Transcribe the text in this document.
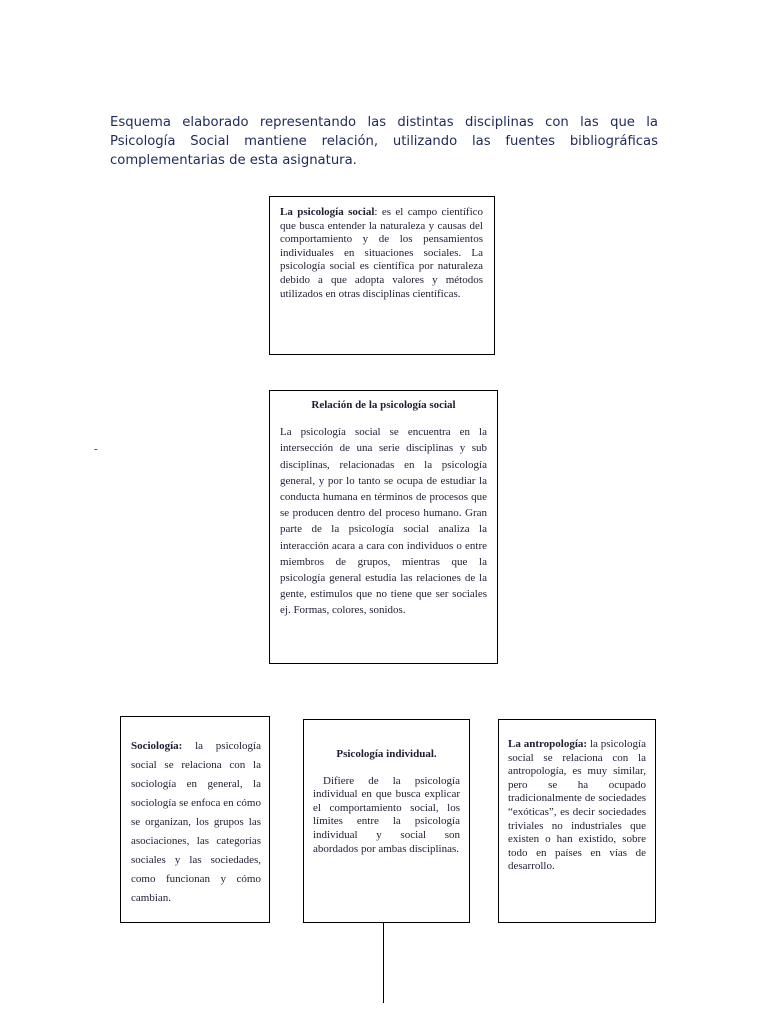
Esquema elaborado representando las distintas disciplinas con las que la Psicología Social mantiene relación, utilizando las fuentes bibliográficas complementarias de esta asignatura.

La psicología social: es el campo científico que busca entender la naturaleza y causas del comportamiento y de los pensamientos individuales en situaciones sociales. La psicología social es científica por naturaleza debido a que adopta valores y métodos utilizados en otras disciplinas científicas.

Relación de la psicología social

La psicología social se encuentra en la intersección de una serie disciplinas y sub disciplinas, relacionadas en la psicología general, y por lo tanto se ocupa de estudiar la conducta humana en términos de procesos que se producen dentro del proceso humano. Gran parte de la psicología social analiza la interacción acara a cara con individuos o entre miembros de grupos, mientras que la psicología general estudia las relaciones de la gente, estimulos que no tiene que ser sociales ej. Formas, colores, sonidos.

-

Sociología: la psicología social se relaciona con la sociología en general, la sociología se enfoca en cómo se organizan, los grupos las asociaciones, las categorías sociales y las sociedades, como funcionan y cómo cambian.

Psicología individual.

Difiere de la psicología individual en que busca explicar el comportamiento social, los límites entre la psicología individual y social son abordados por ambas disciplinas.

La antropología: la psicología social se relaciona con la antropología, es muy similar, pero se ha ocupado tradicionalmente de sociedades “exóticas”, es decir sociedades triviales no industriales que existen o han existido, sobre todo en países en vías de desarrollo.
